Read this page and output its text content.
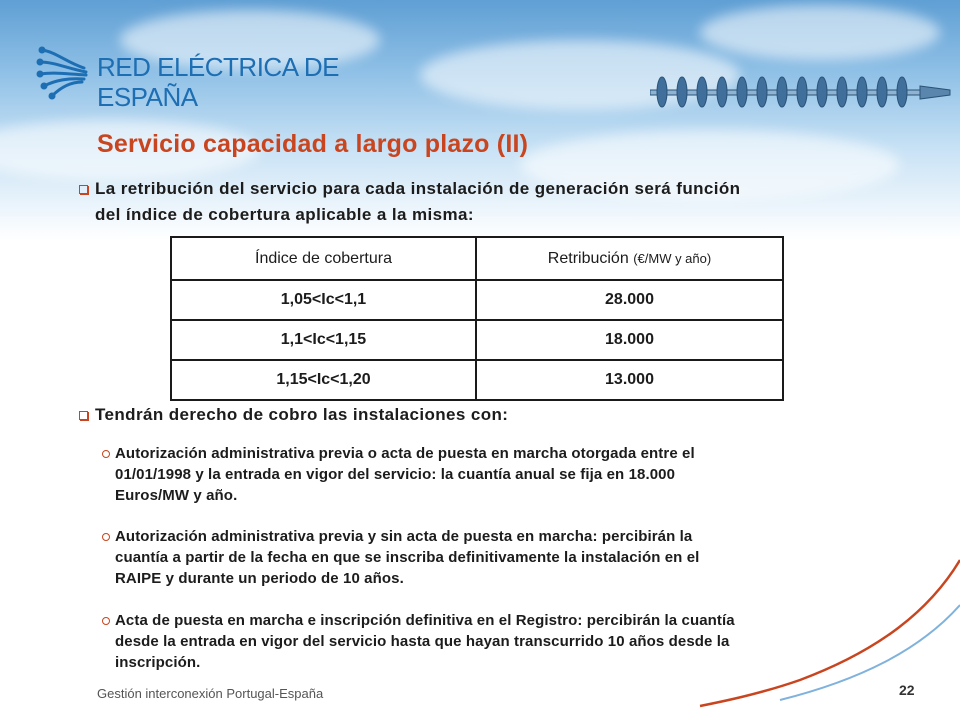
RED ELÉCTRICA DE
ESPAÑA
Servicio capacidad a largo plazo (II)
La retribución del servicio para cada instalación de generación será función
del índice de cobertura aplicable a la misma:
Índice de cobertura	Retribución (€/MW y año)
1,05<Ic<1,1	28.000
1,1<Ic<1,15	18.000
1,15<Ic<1,20	13.000
Tendrán derecho de cobro las instalaciones con:
Autorización administrativa previa o acta de puesta en marcha otorgada entre el
01/01/1998 y la entrada en vigor del servicio: la cuantía anual se fija en 18.000
Euros/MW y año.
Autorización administrativa previa y sin acta de puesta en marcha: percibirán la
cuantía a partir de la fecha en que se inscriba definitivamente la instalación en el
RAIPE y durante un periodo de 10 años.
Acta de puesta en marcha e inscripción definitiva en el Registro: percibirán la cuantía
desde la entrada en vigor del servicio hasta que hayan transcurrido 10 años desde la
inscripción.
Gestión interconexión Portugal-España	22
